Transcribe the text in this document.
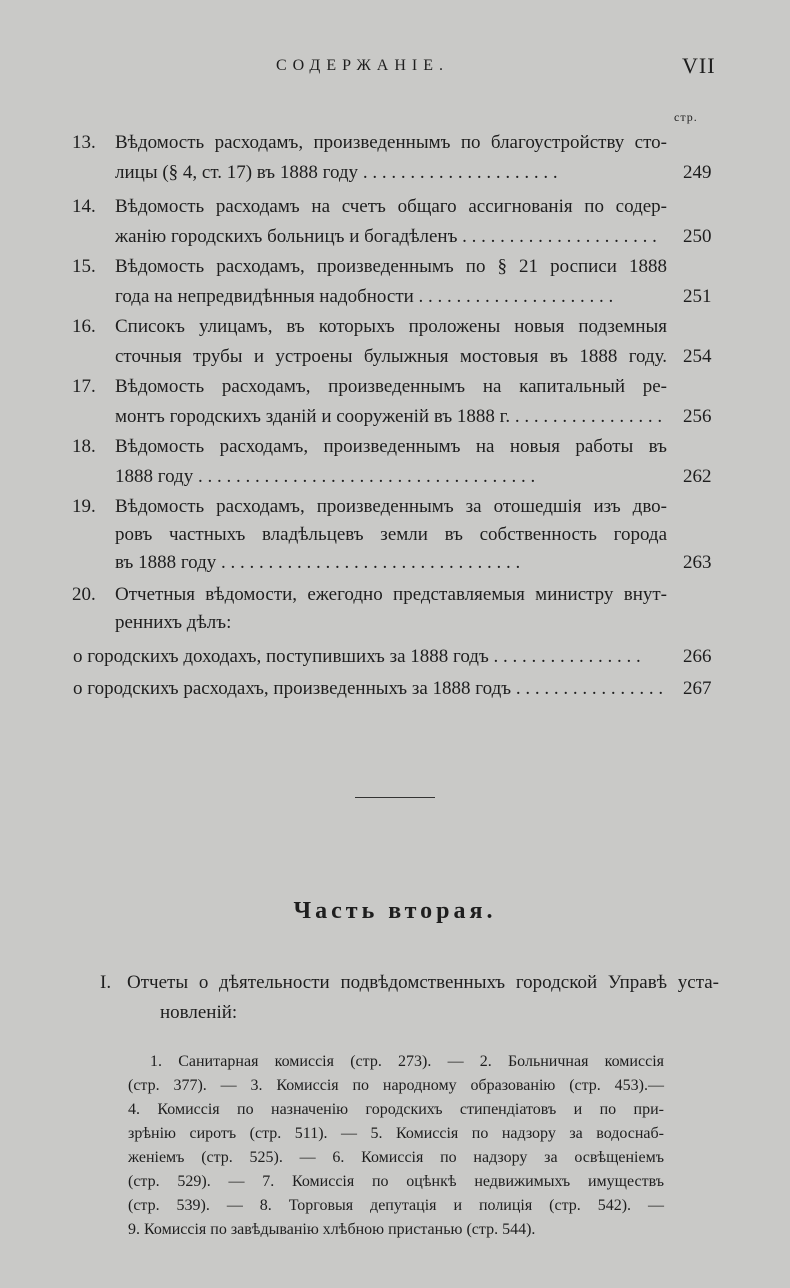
СОДЕРЖАНІЕ.	VII
стр.
13.	Вѣдомость расходамъ, произведеннымъ по благоустройству сто-
лицы (§ 4, ст. 17) въ 1888 году . . . . . . . . . . . . . . . . . . . . .	249
14.	Вѣдомость расходамъ на счетъ общаго ассигнованія по содер-
жанію городскихъ больницъ и богадѣленъ . . . . . . . . . . . . . . . . . . . . .	250
15.	Вѣдомость расходамъ, произведеннымъ по § 21 росписи 1888
года на непредвидѣнныя надобности . . . . . . . . . . . . . . . . . . . . .	251
16.	Списокъ улицамъ, въ которыхъ проложены новыя подземныя
сточныя трубы и устроены булыжныя мостовыя въ 1888 году. 254
17.	Вѣдомость расходамъ, произведеннымъ на капитальный ре-
монтъ городскихъ зданій и сооруженій въ 1888 г. . . . . . . . . . . . . . . . . 256
18.	Вѣдомость расходамъ, произведеннымъ на новыя работы въ
1888 году . . . . . . . . . . . . . . . . . . . . . . . . . . . . . . . . . . . .	262
19.	Вѣдомость расходамъ, произведеннымъ за отошедшія изъ дво-
ровъ частныхъ владѣльцевъ земли въ собственность города
въ 1888 году . . . . . . . . . . . . . . . . . . . . . . . . . . . . . . . .	263
20.	Отчетныя вѣдомости, ежегодно представляемыя министру внут-
реннихъ дѣлъ:
о городскихъ доходахъ, поступившихъ за 1888 годъ . . . . . . . . . . . . . . . .	266
о городскихъ расходахъ, произведенныхъ за 1888 годъ . . . . . . . . . . . . . . . . 267
Часть вторая.
I. Отчеты о дѣятельности подвѣдомственныхъ городской Управѣ уста-
новленій:
1. Санитарная комиссія (стр. 273). — 2. Больничная комиссія
(стр. 377). — 3. Комиссія по народному образованію (стр. 453).—
4. Комиссія по назначенію городскихъ стипендіатовъ и по при-
зрѣнію сиротъ (стр. 511). — 5. Комиссія по надзору за водоснаб-
женіемъ (стр. 525). — 6. Комиссія по надзору за освѣщеніемъ
(стр. 529). — 7. Комиссія по оцѣнкѣ недвижимыхъ имуществъ
(стр. 539). — 8. Торговыя депутація и полиція (стр. 542). —
9. Комиссія по завѣдыванію хлѣбною пристанью (стр. 544).
